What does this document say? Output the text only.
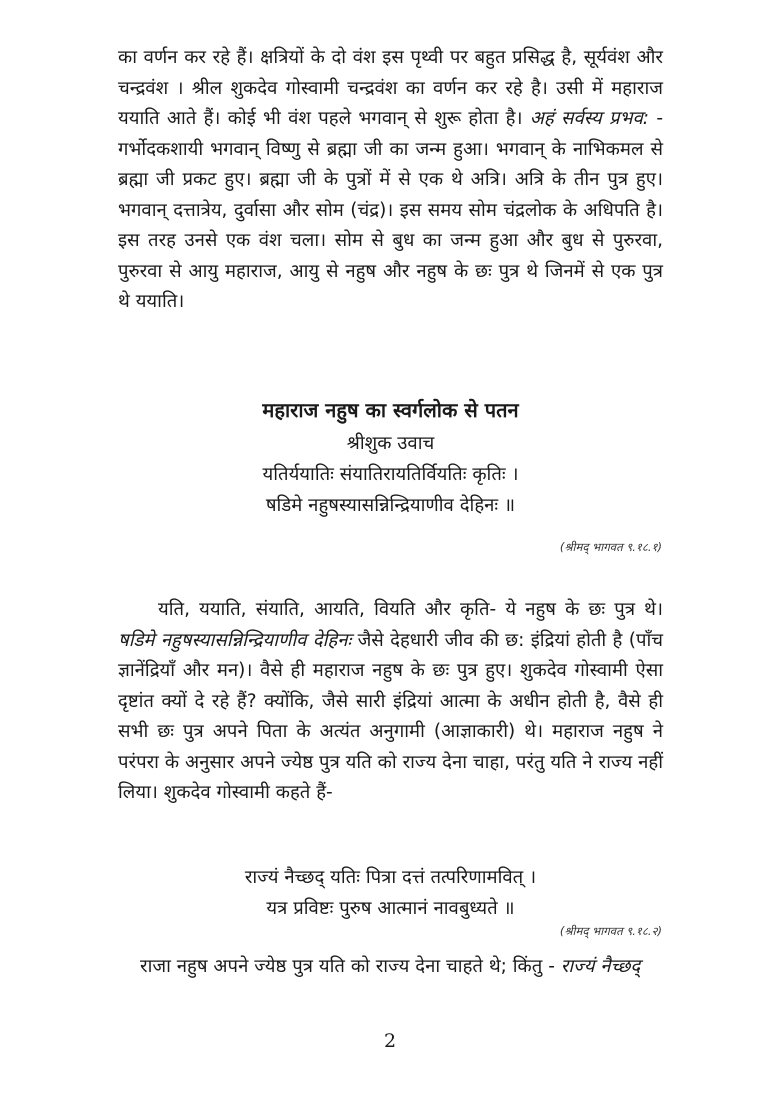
का वर्णन कर रहे हैं। क्षत्रियों के दो वंश इस पृथ्वी पर बहुत प्रसिद्ध है, सूर्यवंश और चन्द्रवंश । श्रील शुकदेव गोस्वामी चन्द्रवंश का वर्णन कर रहे है। उसी में महाराज ययाति आते हैं। कोई भी वंश पहले भगवान् से शुरू होता है। अहं सर्वस्य प्रभव: - गर्भोदकशायी भगवान् विष्णु से ब्रह्मा जी का जन्म हुआ। भगवान् के नाभिकमल से ब्रह्मा जी प्रकट हुए। ब्रह्मा जी के पुत्रों में से एक थे अत्रि। अत्रि के तीन पुत्र हुए। भगवान् दत्तात्रेय, दुर्वासा और सोम (चंद्र)। इस समय सोम चंद्रलोक के अधिपति है। इस तरह उनसे एक वंश चला। सोम से बुध का जन्म हुआ और बुध से पुरुरवा, पुरुरवा से आयु महाराज, आयु से नहुष और नहुष के छः पुत्र थे जिनमें से एक पुत्र थे ययाति।

महाराज नहुष का स्वर्गलोक से पतन

श्रीशुक उवाच

यतिर्ययातिः संयातिरायतिर्वियतिः कृतिः ।

षडिमे नहुषस्यासन्निन्द्रियाणीव देहिनः ॥

(श्रीमद् भागवत ९.१८.१)

यति, ययाति, संयाति, आयति, वियति और कृति- ये नहुष के छः पुत्र थे। षडिमे नहुषस्यासन्निन्द्रियाणीव देहिनः जैसे देहधारी जीव की छ: इंद्रियां होती है (पाँच ज्ञानेंद्रियाँ और मन)। वैसे ही महाराज नहुष के छः पुत्र हुए। शुकदेव गोस्वामी ऐसा दृष्टांत क्यों दे रहे हैं? क्योंकि, जैसे सारी इंद्रियां आत्मा के अधीन होती है, वैसे ही सभी छः पुत्र अपने पिता के अत्यंत अनुगामी (आज्ञाकारी) थे। महाराज नहुष ने परंपरा के अनुसार अपने ज्येष्ठ पुत्र यति को राज्य देना चाहा, परंतु यति ने राज्य नहीं लिया। शुकदेव गोस्वामी कहते हैं-

राज्यं नैच्छद् यतिः पित्रा दत्तं तत्परिणामवित् ।

यत्र प्रविष्टः पुरुष आत्मानं नावबुध्यते ॥

(श्रीमद् भागवत ९.१८.२)

राजा नहुष अपने ज्येष्ठ पुत्र यति को राज्य देना चाहते थे; किंतु - राज्यं नैच्छद्

2
